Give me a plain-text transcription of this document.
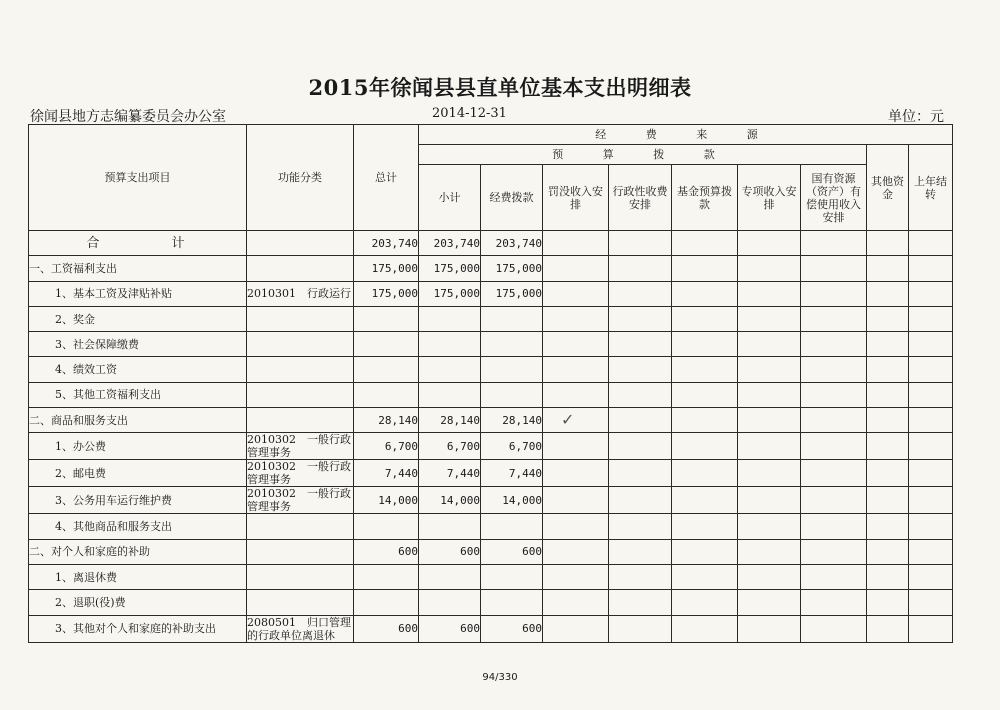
2015年徐闻县县直单位基本支出明细表
徐闻县地方志编纂委员会办公室	2014-12-31	单位：元
预算支出项目	功能分类	总计	经 费 来 源								
			预 算 拨 款							其他资金	上年结转
			小计	经费拨款	罚没收入安排	行政性收费安排	基金预算拨款	专项收入安排	国有资源（资产）有偿使用收入安排		
合 计		203,740	203,740	203,740							
一、工资福利支出		175,000	175,000	175,000							
1、基本工资及津贴补贴	2010301　行政运行	175,000	175,000	175,000							
2、奖金											
3、社会保障缴费											
4、绩效工资											
5、其他工资福利支出											
二、商品和服务支出		28,140	28,140	28,140	✓						
1、办公费	2010302　一般行政管理事务	6,700	6,700	6,700							
2、邮电费	2010302　一般行政管理事务	7,440	7,440	7,440							
3、公务用车运行维护费	2010302　一般行政管理事务	14,000	14,000	14,000							
4、其他商品和服务支出											
二、对个人和家庭的补助		600	600	600							
1、离退休费											
2、退职(役)费											
3、其他对个人和家庭的补助支出	2080501　归口管理的行政单位离退休	600	600	600							
94/330
